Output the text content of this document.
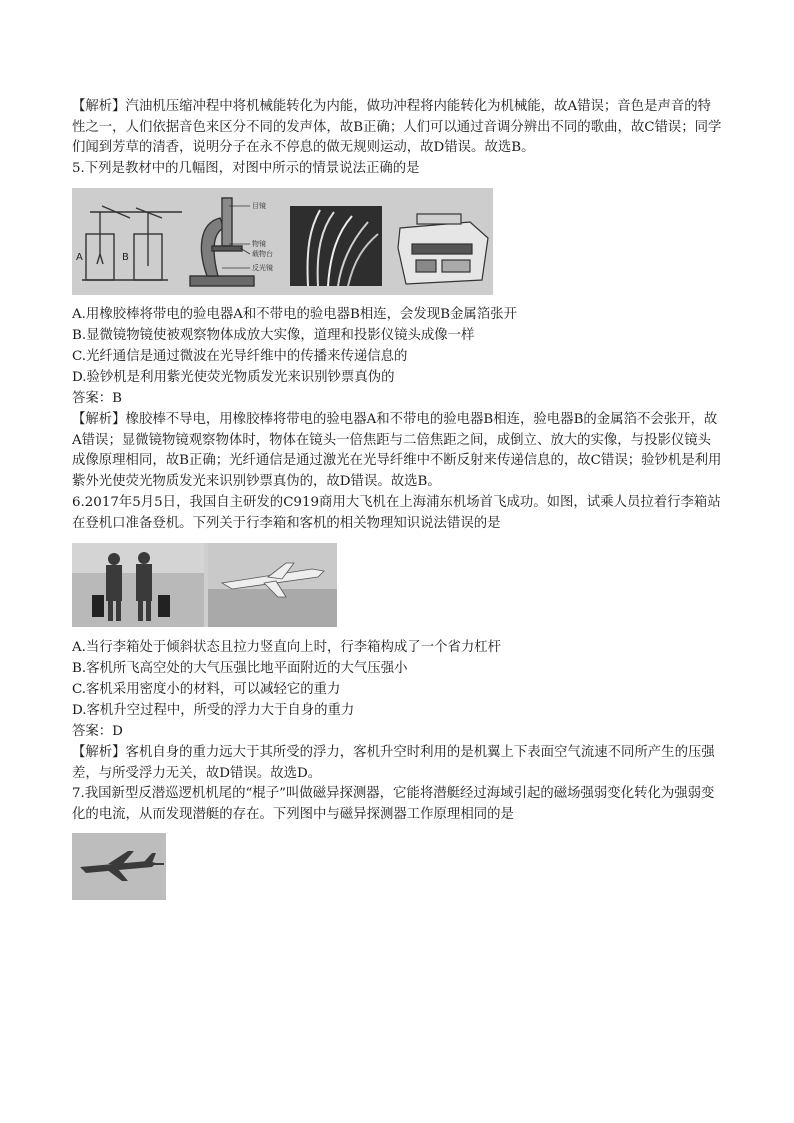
【解析】汽油机压缩冲程中将机械能转化为内能，做功冲程将内能转化为机械能，故A错误；音色是声音的特性之一，人们依据音色来区分不同的发声体，故B正确；人们可以通过音调分辨出不同的歌曲，故C错误；同学们闻到芳草的清香，说明分子在永不停息的做无规则运动，故D错误。故选B。

5.下列是教材中的几幅图，对图中所示的情景说法正确的是

A	B
目镜
物镜
载物台
反光镜

A.用橡胶棒将带电的验电器A和不带电的验电器B相连，会发现B金属箔张开

B.显微镜物镜使被观察物体成放大实像，道理和投影仪镜头成像一样

C.光纤通信是通过微波在光导纤维中的传播来传递信息的

D.验钞机是利用紫光使荧光物质发光来识别钞票真伪的

答案：B

【解析】橡胶棒不导电，用橡胶棒将带电的验电器A和不带电的验电器B相连，验电器B的金属箔不会张开，故A错误；显微镜物镜观察物体时，物体在镜头一倍焦距与二倍焦距之间，成倒立、放大的实像，与投影仪镜头成像原理相同，故B正确；光纤通信是通过激光在光导纤维中不断反射来传递信息的，故C错误；验钞机是利用紫外光使荧光物质发光来识别钞票真伪的，故D错误。故选B。

6.2017年5月5日，我国自主研发的C919商用大飞机在上海浦东机场首飞成功。如图，试乘人员拉着行李箱站在登机口准备登机。下列关于行李箱和客机的相关物理知识说法错误的是

A.当行李箱处于倾斜状态且拉力竖直向上时，行李箱构成了一个省力杠杆

B.客机所飞高空处的大气压强比地平面附近的大气压强小

C.客机采用密度小的材料，可以减轻它的重力

D.客机升空过程中，所受的浮力大于自身的重力

答案：D

【解析】客机自身的重力远大于其所受的浮力，客机升空时利用的是机翼上下表面空气流速不同所产生的压强差，与所受浮力无关，故D错误。故选D。

7.我国新型反潜巡逻机机尾的“棍子”叫做磁异探测器，它能将潜艇经过海域引起的磁场强弱变化转化为强弱变化的电流，从而发现潜艇的存在。下列图中与磁异探测器工作原理相同的是
